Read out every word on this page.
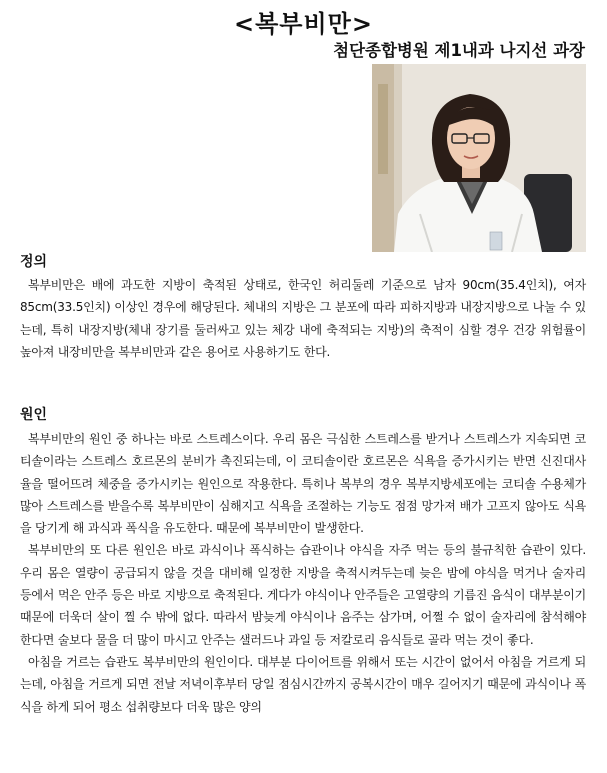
<복부비만>
첨단종합병원 제1내과 나지선 과장
정의

복부비만은 배에 과도한 지방이 축적된 상태로, 한국인 허리둘레 기준으로 남자 90cm(35.4인치), 여자 85cm(33.5인치) 이상인 경우에 해당된다. 체내의 지방은 그 분포에 따라 피하지방과 내장지방으로 나눌 수 있는데, 특히 내장지방(체내 장기를 둘러싸고 있는 체강 내에 축적되는 지방)의 축적이 심할 경우 건강 위험률이 높아져 내장비만을 복부비만과 같은 용어로 사용하기도 한다.

원인

복부비만의 원인 중 하나는 바로 스트레스이다. 우리 몸은 극심한 스트레스를 받거나 스트레스가 지속되면 코티솔이라는 스트레스 호르몬의 분비가 촉진되는데, 이 코티솔이란 호르몬은 식욕을 증가시키는 반면 신진대사율을 떨어뜨려 체중을 증가시키는 원인으로 작용한다. 특히나 복부의 경우 복부지방세포에는 코티솔 수용체가 많아 스트레스를 받을수록 복부비만이 심해지고 식욕을 조절하는 기능도 점점 망가져 배가 고프지 않아도 식욕을 당기게 해 과식과 폭식을 유도한다. 때문에 복부비만이 발생한다.

복부비만의 또 다른 원인은 바로 과식이나 폭식하는 습관이나 야식을 자주 먹는 등의 불규칙한 습관이 있다. 우리 몸은 열량이 공급되지 않을 것을 대비해 일정한 지방을 축적시켜두는데 늦은 밤에 야식을 먹거나 술자리 등에서 먹은 안주 등은 바로 지방으로 축적된다. 게다가 야식이나 안주들은 고열량의 기름진 음식이 대부분이기 때문에 더욱더 살이 찔 수 밖에 없다. 따라서 밤늦게 야식이나 음주는 삼가며, 어쩔 수 없이 술자리에 참석해야한다면 술보다 물을 더 많이 마시고 안주는 샐러드나 과일 등 저칼로리 음식들로 골라 먹는 것이 좋다.

아침을 거르는 습관도 복부비만의 원인이다. 대부분 다이어트를 위해서 또는 시간이 없어서 아침을 거르게 되는데, 아침을 거르게 되면 전날 저녁이후부터 당일 점심시간까지 공복시간이 매우 길어지기 때문에 과식이나 폭식을 하게 되어 평소 섭취량보다 더욱 많은 양의
